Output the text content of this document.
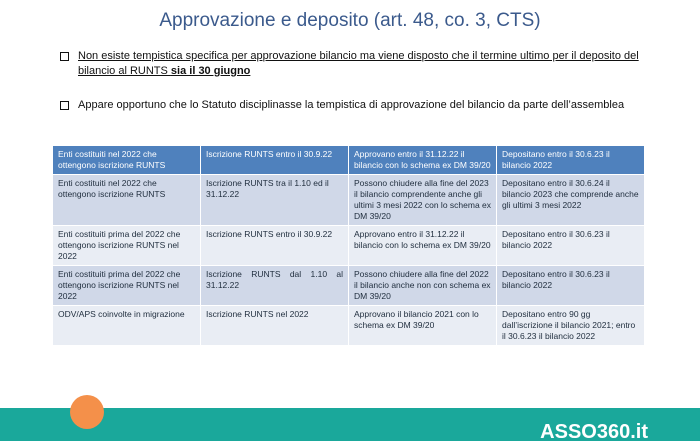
Approvazione e deposito (art. 48, co. 3, CTS)
Non esiste tempistica specifica per approvazione bilancio ma viene disposto che il termine ultimo per il deposito del bilancio al RUNTS sia il 30 giugno
Appare opportuno che lo Statuto disciplinasse la tempistica di approvazione del bilancio da parte dell’assemblea
Enti costituiti nel 2022 che ottengono iscrizione RUNTS	Iscrizione RUNTS entro il 30.9.22	Approvano entro il 31.12.22 il bilancio con lo schema ex DM 39/20	Depositano entro il 30.6.23 il bilancio 2022
Enti costituiti nel 2022 che ottengono iscrizione RUNTS	Iscrizione RUNTS tra il 1.10 ed il 31.12.22	Possono chiudere alla fine del 2023 il bilancio comprendente anche gli ultimi 3 mesi 2022 con lo schema ex DM 39/20	Depositano entro il 30.6.24 il bilancio 2023 che comprende anche gli ultimi 3 mesi 2022
Enti costituiti prima del 2022 che ottengono iscrizione RUNTS nel 2022	Iscrizione RUNTS entro il 30.9.22	Approvano entro il 31.12.22 il bilancio con lo schema ex DM 39/20	Depositano entro il 30.6.23 il bilancio 2022
Enti costituiti prima del 2022 che ottengono iscrizione RUNTS nel 2022	Iscrizione RUNTS dal 1.10 al 31.12.22	Possono chiudere alla fine del 2022 il bilancio anche non con schema ex DM 39/20	Depositano entro il 30.6.23 il bilancio 2022
ODV/APS coinvolte in migrazione	Iscrizione RUNTS nel 2022	Approvano il bilancio 2021 con lo schema ex DM 39/20	Depositano entro 90 gg dall’iscrizione il bilancio 2021; entro il 30.6.23 il bilancio 2022
ASSO360.it
